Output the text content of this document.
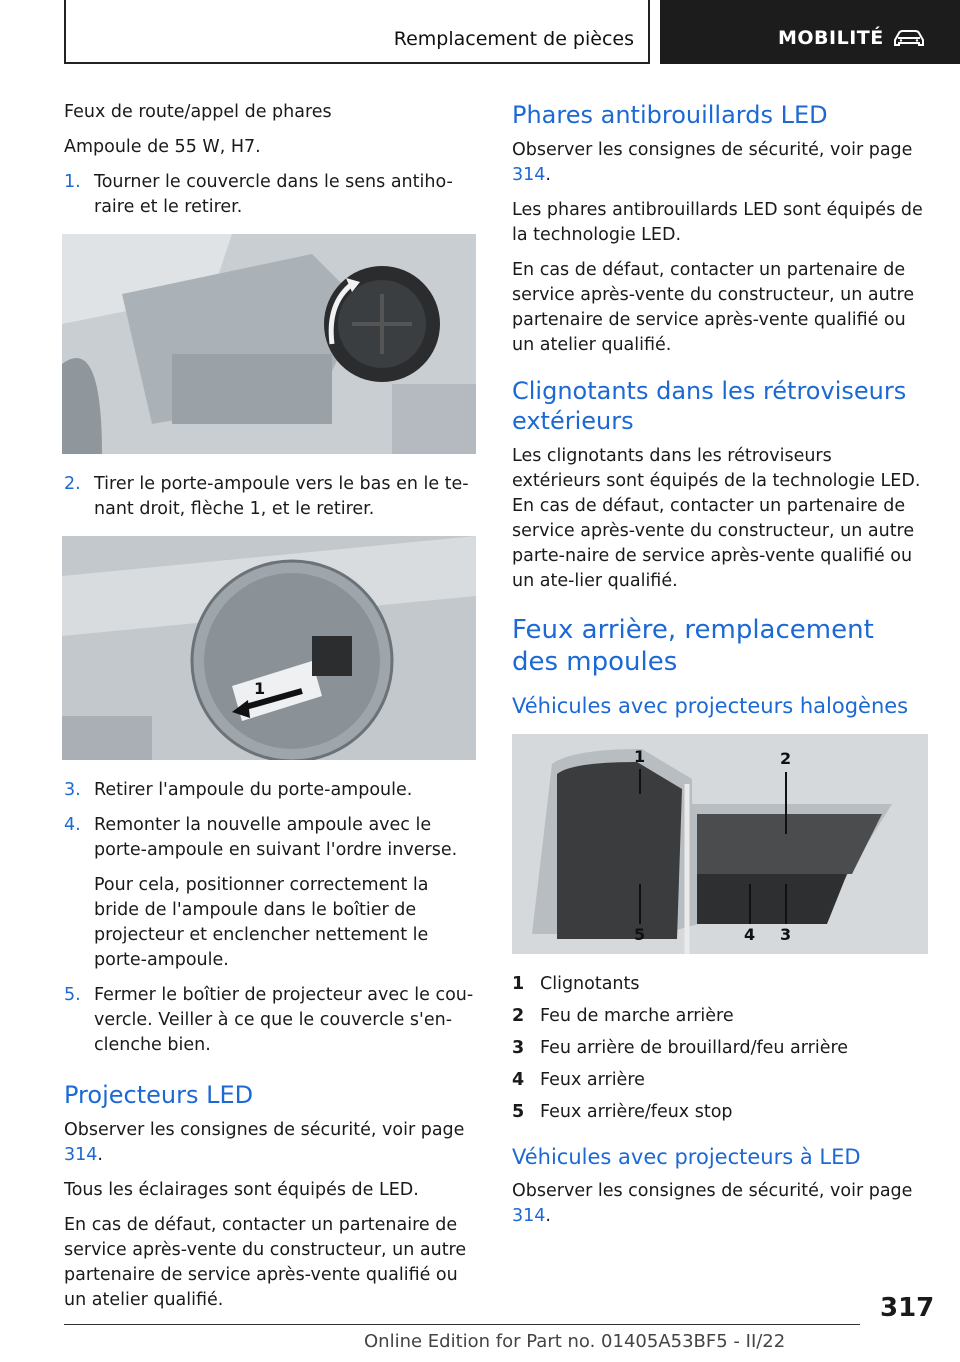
Remplacement de pièces	MOBILITÉ

Feux de route/appel de phares

Ampoule de 55 W, H7.

1. Tourner le couvercle dans le sens antiho-raire et le retirer.
2. Tirer le porte-ampoule vers le bas en le te-nant droit, flèche 1, et le retirer.
1
3. Retirer l'ampoule du porte-ampoule.
4. Remonter la nouvelle ampoule avec le porte-ampoule en suivant l'ordre inverse.
Pour cela, positionner correctement la bride de l'ampoule dans le boîtier de projecteur et enclencher nettement le porte-ampoule.
5. Fermer le boîtier de projecteur avec le cou-vercle. Veiller à ce que le couvercle s'en-clenche bien.
Projecteurs LED

Observer les consignes de sécurité, voir page 314.

Tous les éclairages sont équipés de LED.

En cas de défaut, contacter un partenaire de service après-vente du constructeur, un autre partenaire de service après-vente qualifié ou un atelier qualifié.

Phares antibrouillards LED

Observer les consignes de sécurité, voir page 314.

Les phares antibrouillards LED sont équipés de la technologie LED.

En cas de défaut, contacter un partenaire de service après-vente du constructeur, un autre partenaire de service après-vente qualifié ou un atelier qualifié.

Clignotants dans les rétroviseurs extérieurs

Les clignotants dans les rétroviseurs extérieurs sont équipés de la technologie LED. En cas de défaut, contacter un partenaire de service après-vente du constructeur, un autre parte-naire de service après-vente qualifié ou un ate-lier qualifié.

Feux arrière, remplacement des mpoules
Véhicules avec projecteurs halogènes
1	2
5	4 3
1 Clignotants
2 Feu de marche arrière
3 Feu arrière de brouillard/feu arrière
4 Feux arrière
5 Feux arrière/feux stop
Véhicules avec projecteurs à LED

Observer les consignes de sécurité, voir page 314.

317
Online Edition for Part no. 01405A53BF5 - II/22
